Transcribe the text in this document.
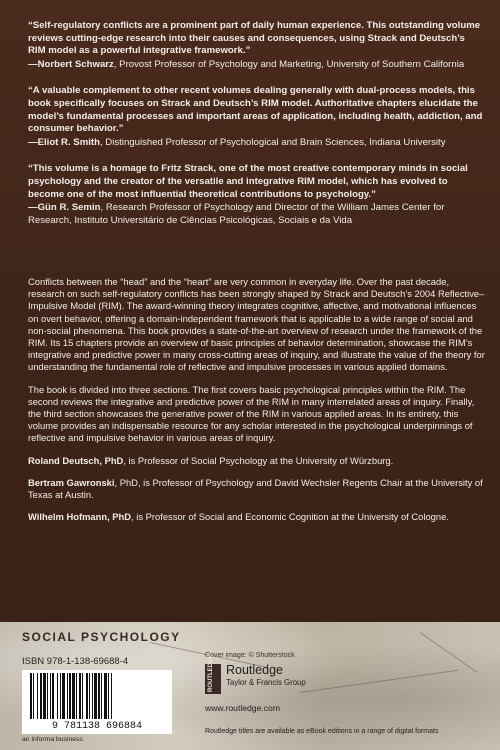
“Self-regulatory conflicts are a prominent part of daily human experience. This outstanding volume reviews cutting-edge research into their causes and consequences, using Strack and Deutsch’s RIM model as a powerful integrative framework.”
—Norbert Schwarz, Provost Professor of Psychology and Marketing, University of Southern California
“A valuable complement to other recent volumes dealing generally with dual-process models, this book specifically focuses on Strack and Deutsch’s RIM model. Authoritative chapters elucidate the model’s fundamental processes and important areas of application, including health, addiction, and consumer behavior.”
—Eliot R. Smith, Distinguished Professor of Psychological and Brain Sciences, Indiana University
“This volume is a homage to Fritz Strack, one of the most creative contemporary minds in social psychology and the creator of the versatile and integrative RIM model, which has evolved to become one of the most influential theoretical contributions to psychology.”
—Gün R. Semin, Research Professor of Psychology and Director of the William James Center for Research, Instituto Universitário de Ciências Psicológicas, Sociais e da Vida

Conflicts between the “head” and the “heart” are very common in everyday life. Over the past decade, research on such self-regulatory conflicts has been strongly shaped by Strack and Deutsch’s 2004 Reflective–Impulsive Model (RIM). The award-winning theory integrates cognitive, affective, and motivational influences on overt behavior, offering a domain-independent framework that is applicable to a wide range of social and non-social phenomena. This book provides a state-of-the-art overview of research under the framework of the RIM. Its 15 chapters provide an overview of basic principles of behavior determination, showcase the RIM’s integrative and predictive power in many cross-cutting areas of inquiry, and illustrate the value of the theory for understanding the fundamental role of reflective and impulsive processes in various applied domains.

The book is divided into three sections. The first covers basic psychological principles within the RIM. The second reviews the integrative and predictive power of the RIM in many interrelated areas of inquiry. Finally, the third section showcases the generative power of the RIM in various applied areas. In its entirety, this volume provides an indispensable resource for any scholar interested in the psychological underpinnings of reflective and impulsive behavior in various areas of inquiry.

Roland Deutsch, PhD, is Professor of Social Psychology at the University of Würzburg.

Bertram Gawronski, PhD, is Professor of Psychology and David Wechsler Regents Chair at the University of Texas at Austin.

Wilhelm Hofmann, PhD, is Professor of Social and Economic Cognition at the University of Cologne.

SOCIAL PSYCHOLOGY
ISBN 978-1-138-69688-4
9 781138 696884
an informa business
Cover image: © Shutterstock
ROUTLEDGE Routledge
Taylor & Francis Group
www.routledge.com
Routledge titles are available as eBook editions in a range of digital formats
